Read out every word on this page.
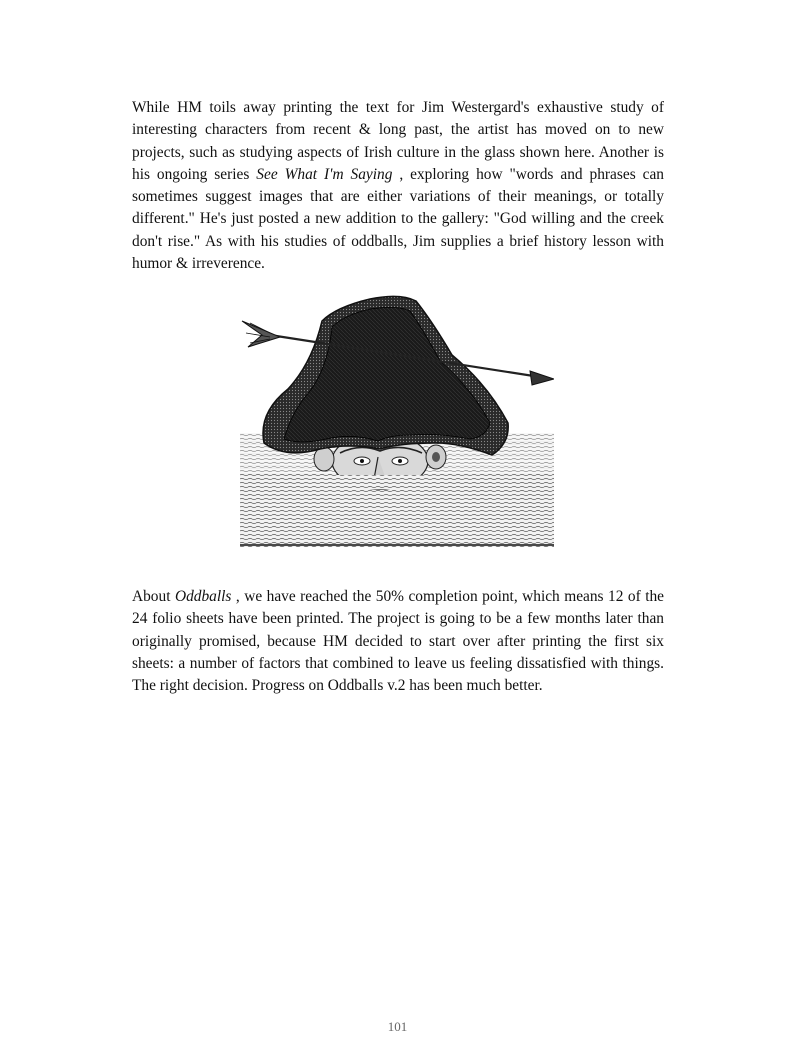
While HM toils away printing the text for Jim Westergard's exhaustive study of interesting characters from recent & long past, the artist has moved on to new projects, such as studying aspects of Irish culture in the glass shown here. Another is his ongoing series See What I'm Saying , exploring how "words and phrases can sometimes suggest images that are either variations of their meanings, or totally different." He's just posted a new addition to the gallery: "God willing and the creek don't rise." As with his studies of oddballs, Jim supplies a brief history lesson with humor & irreverence.

About Oddballs , we have reached the 50% completion point, which means 12 of the 24 folio sheets have been printed. The project is going to be a few months later than originally promised, because HM decided to start over after printing the first six sheets: a number of factors that combined to leave us feeling dissatisfied with things. The right decision. Progress on Oddballs v.2 has been much better.

101
